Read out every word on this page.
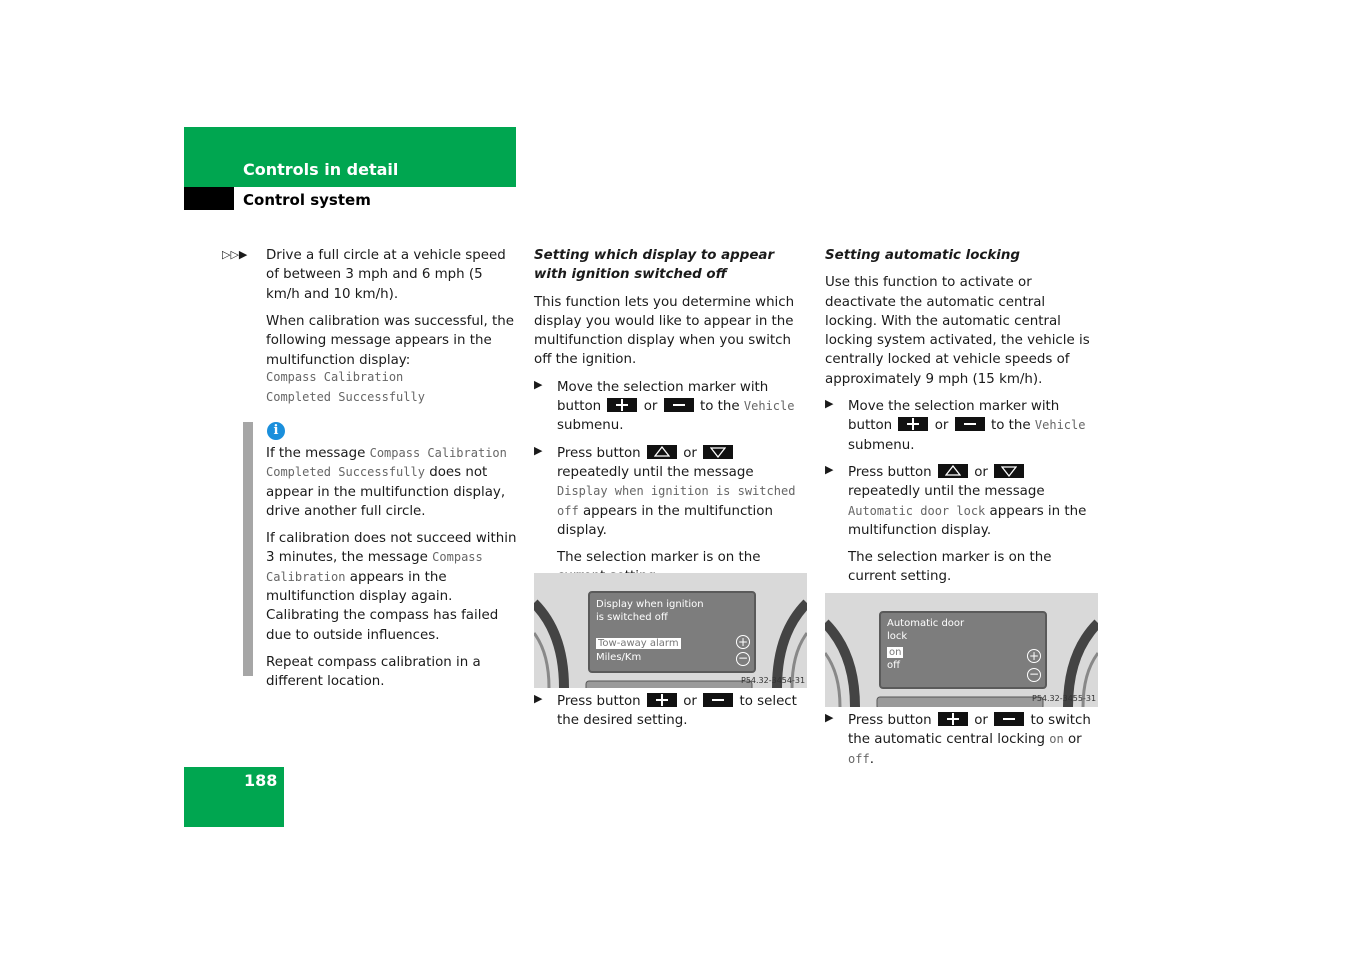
Controls in detail
Control system
▷▷▶ Drive a full circle at a vehicle speed of between 3 mph and 6 mph (5 km/h and 10 km/h).

When calibration was successful, the following message appears in the multifunction display:

Compass Calibration
Completed Successfully
i

If the message Compass Calibration Completed Successfully does not appear in the multifunction display, drive another full circle.

If calibration does not succeed within 3 minutes, the message Compass Calibration appears in the multifunction display again. Calibrating the compass has failed due to outside influences.

Repeat compass calibration in a different location.

Setting which display to appear with ignition switched off

This function lets you determine which display you would like to appear in the multifunction display when you switch off the ignition.

▶ Move the selection marker with button	or	to the Vehicle submenu.

▶ Press button	or
repeatedly until the message Display when ignition is switched off appears in the multifunction display.

The selection marker is on the

Display when ignition
is switched off
Tow-away alarm
Miles/Km
+
−
P54.32-3454-31
▶ Press button	or	to select the desired setting.

Setting automatic locking

Use this function to activate or deactivate the automatic central locking. With the automatic central locking system activated, the vehicle is centrally locked at vehicle speeds of approximately 9 mph (15 km/h).

▶ Move the selection marker with button	or	to the Vehicle submenu.

▶ Press button	or
repeatedly until the message Automatic door lock appears in the multifunction display.

The selection marker is on the current setting.

Automatic door
lock
on
off
+
−
P54.32-3455-31
▶ Press button	or	to switch the automatic central locking on or off.

188
